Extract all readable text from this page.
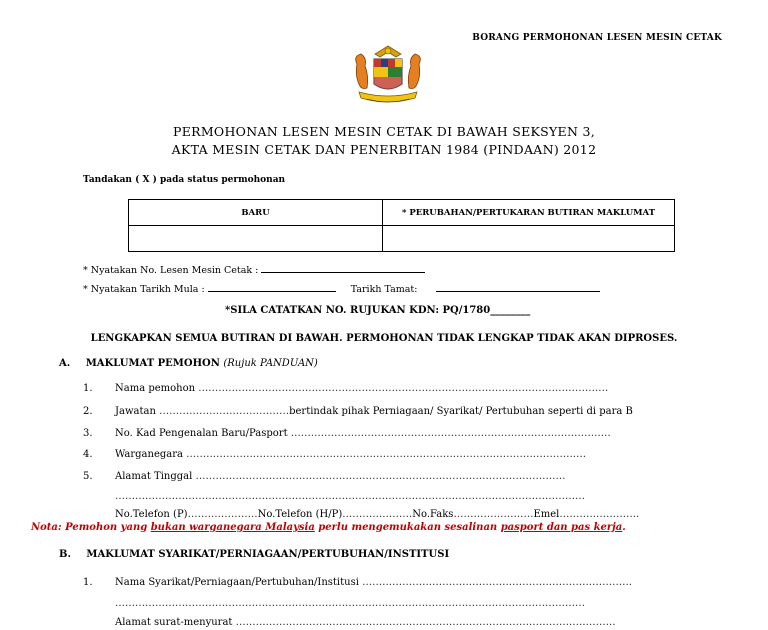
BORANG PERMOHONAN LESEN MESIN CETAK
PERMOHONAN LESEN MESIN CETAK DI BAWAH SEKSYEN 3,
AKTA MESIN CETAK DAN PENERBITAN 1984 (PINDAAN) 2012
Tandakan ( X ) pada status permohonan
BARU	* PERUBAHAN/PERTUKARAN BUTIRAN MAKLUMAT

* Nyatakan No. Lesen Mesin Cetak :
* Nyatakan Tarikh Mula :	Tarikh Tamat:
*SILA CATATKAN NO. RUJUKAN KDN: PQ/1780________
LENGKAPKAN SEMUA BUTIRAN DI BAWAH. PERMOHONAN TIDAK LENGKAP TIDAK AKAN DIPROSES.
A. MAKLUMAT PEMOHON (Rujuk PANDUAN)
1. Nama pemohon ……………………………………………………………………………………………………………
2. Jawatan …………………………………bertindak pihak Perniagaan/ Syarikat/ Pertubuhan seperti di para B
3. No. Kad Pengenalan Baru/Pasport ……………………………………………………………………………………
4. Warganegara …………………………………………………………………………………………………………
5. Alamat Tinggal …………………………………………………………………………………………………
……………………………………………………………………………………………………………………………
No.Telefon (P)…………………No.Telefon (H/P)…………………No.Faks……………………Emel……………………
Nota: Pemohon yang bukan warganegara Malaysia perlu mengemukakan sesalinan pasport dan pas kerja.
B. MAKLUMAT SYARIKAT/PERNIAGAAN/PERTUBUHAN/INSTITUSI
1. Nama Syarikat/Perniagaan/Pertubuhan/Institusi ………………………………………………………………………
……………………………………………………………………………………………………………………………
Alamat surat-menyurat ……………………………………………………………………………………………………
